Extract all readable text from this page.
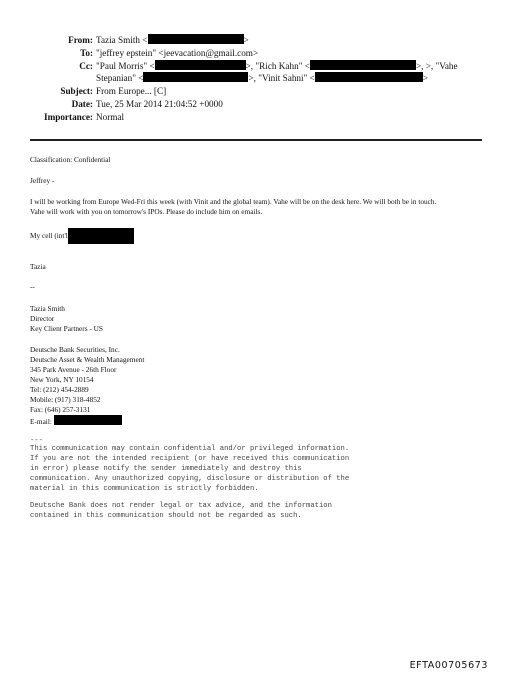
From: Tazia Smith <	>
To: "jeffrey epstein" <jeevacation@gmail.com>
Cc: "Paul Morris" <	>, "Rich Kahn" <	>, >, "Vahe
Stepanian" <	>, "Vinit Sahni" <	>
Subject: From Europe... [C]
Date: Tue, 25 Mar 2014 21:04:52 +0000
Importance: Normal
Classification: Confidential
Jeffrey -
I will be working from Europe Wed-Fri this week (with Vinit and the global team). Vahe will be on the desk here. We will both be in touch.
Vahe will work with you on tomorrow's IPOs. Please do include him on emails.
My cell (int'l
Tazia
--
Tazia Smith
Director
Key Client Partners - US
Deutsche Bank Securities, Inc.
Deutsche Asset & Wealth Management
345 Park Avenue - 26th Floor
New York, NY 10154
Tel: (212) 454-2889
Mobile: (917) 318-4852
Fax: (646) 257-3131
E-mail:
---
This communication may contain confidential and/or privileged information.
If you are not the intended recipient (or have received this communication
in error) please notify the sender immediately and destroy this
communication. Any unauthorized copying, disclosure or distribution of the
material in this communication is strictly forbidden.
Deutsche Bank does not render legal or tax advice, and the information
contained in this communication should not be regarded as such.
EFTA00705673
